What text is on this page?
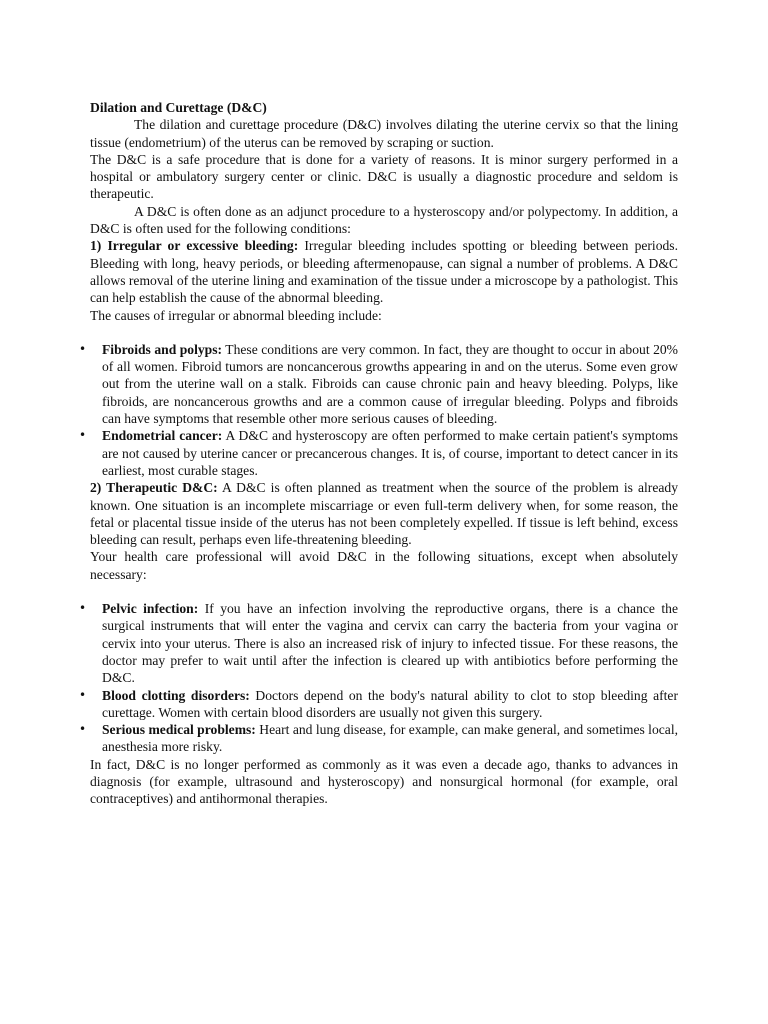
Dilation and Curettage (D&C)

The dilation and curettage procedure (D&C) involves dilating the uterine cervix so that the lining tissue (endometrium) of the uterus can be removed by scraping or suction.

The D&C is a safe procedure that is done for a variety of reasons. It is minor surgery performed in a hospital or ambulatory surgery center or clinic. D&C is usually a diagnostic procedure and seldom is therapeutic.

A D&C is often done as an adjunct procedure to a hysteroscopy and/or polypectomy. In addition, a D&C is often used for the following conditions:

1) Irregular or excessive bleeding: Irregular bleeding includes spotting or bleeding between periods. Bleeding with long, heavy periods, or bleeding aftermenopause, can signal a number of problems. A D&C allows removal of the uterine lining and examination of the tissue under a microscope by a pathologist. This can help establish the cause of the abnormal bleeding.

The causes of irregular or abnormal bleeding include:

• Fibroids and polyps: These conditions are very common. In fact, they are thought to occur in about 20% of all women. Fibroid tumors are noncancerous growths appearing in and on the uterus. Some even grow out from the uterine wall on a stalk. Fibroids can cause chronic pain and heavy bleeding. Polyps, like fibroids, are noncancerous growths and are a common cause of irregular bleeding. Polyps and fibroids can have symptoms that resemble other more serious causes of bleeding.
• Endometrial cancer: A D&C and hysteroscopy are often performed to make certain patient's symptoms are not caused by uterine cancer or precancerous changes. It is, of course, important to detect cancer in its earliest, most curable stages.

2) Therapeutic D&C: A D&C is often planned as treatment when the source of the problem is already known. One situation is an incomplete miscarriage or even full-term delivery when, for some reason, the fetal or placental tissue inside of the uterus has not been completely expelled. If tissue is left behind, excess bleeding can result, perhaps even life-threatening bleeding.

Your health care professional will avoid D&C in the following situations, except when absolutely necessary:

• Pelvic infection: If you have an infection involving the reproductive organs, there is a chance the surgical instruments that will enter the vagina and cervix can carry the bacteria from your vagina or cervix into your uterus. There is also an increased risk of injury to infected tissue. For these reasons, the doctor may prefer to wait until after the infection is cleared up with antibiotics before performing the D&C.
• Blood clotting disorders: Doctors depend on the body's natural ability to clot to stop bleeding after curettage. Women with certain blood disorders are usually not given this surgery.
• Serious medical problems: Heart and lung disease, for example, can make general, and sometimes local, anesthesia more risky.

In fact, D&C is no longer performed as commonly as it was even a decade ago, thanks to advances in diagnosis (for example, ultrasound and hysteroscopy) and nonsurgical hormonal (for example, oral contraceptives) and antihormonal therapies.
